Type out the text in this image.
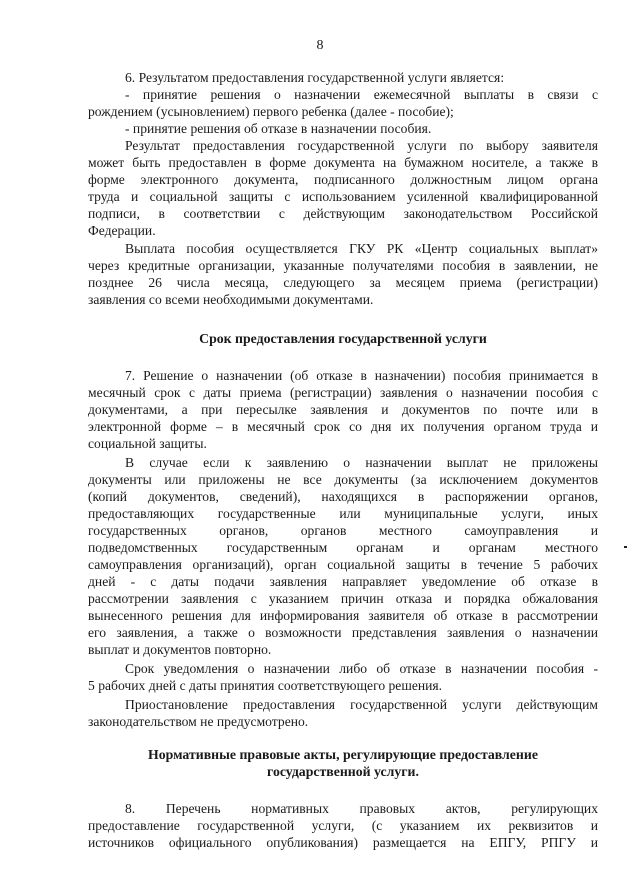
8

6. Результатом предоставления государственной услуги является:

- принятие решения о назначении ежемесячной выплаты в связи с

рождением (усыновлением) первого ребенка (далее - пособие);

- принятие решения об отказе в назначении пособия.

Результат предоставления государственной услуги по выбору заявителя

может быть предоставлен в форме документа на бумажном носителе, а также в

форме электронного документа, подписанного должностным лицом органа

труда и социальной защиты с использованием усиленной квалифицированной

подписи, в соответствии с действующим законодательством Российской

Федерации.

Выплата пособия осуществляется ГКУ РК «Центр социальных выплат»

через кредитные организации, указанные получателями пособия в заявлении, не

позднее 26 числа месяца, следующего за месяцем приема (регистрации)

заявления со всеми необходимыми документами.

Срок предоставления государственной услуги

7. Решение о назначении (об отказе в назначении) пособия принимается в

месячный срок с даты приема (регистрации) заявления о назначении пособия с

документами, а при пересылке заявления и документов по почте или в

электронной форме – в месячный срок со дня их получения органом труда и

социальной защиты.

В случае если к заявлению о назначении выплат не приложены

документы или приложены не все документы (за исключением документов

(копий документов, сведений), находящихся в распоряжении органов,

предоставляющих государственные или муниципальные услуги, иных

государственных органов, органов местного самоуправления и

подведомственных государственным органам и органам местного

самоуправления организаций), орган социальной защиты в течение 5 рабочих

дней - с даты подачи заявления направляет уведомление об отказе в

рассмотрении заявления с указанием причин отказа и порядка обжалования

вынесенного решения для информирования заявителя об отказе в рассмотрении

его заявления, а также о возможности представления заявления о назначении

выплат и документов повторно.

Срок уведомления о назначении либо об отказе в назначении пособия -

5 рабочих дней с даты принятия соответствующего решения.

Приостановление предоставления государственной услуги действующим

законодательством не предусмотрено.

Нормативные правовые акты, регулирующие предоставление

государственной услуги.

8. Перечень нормативных правовых актов, регулирующих

предоставление государственной услуги, (с указанием их реквизитов и

источников официального опубликования) размещается на ЕПГУ, РПГУ и
